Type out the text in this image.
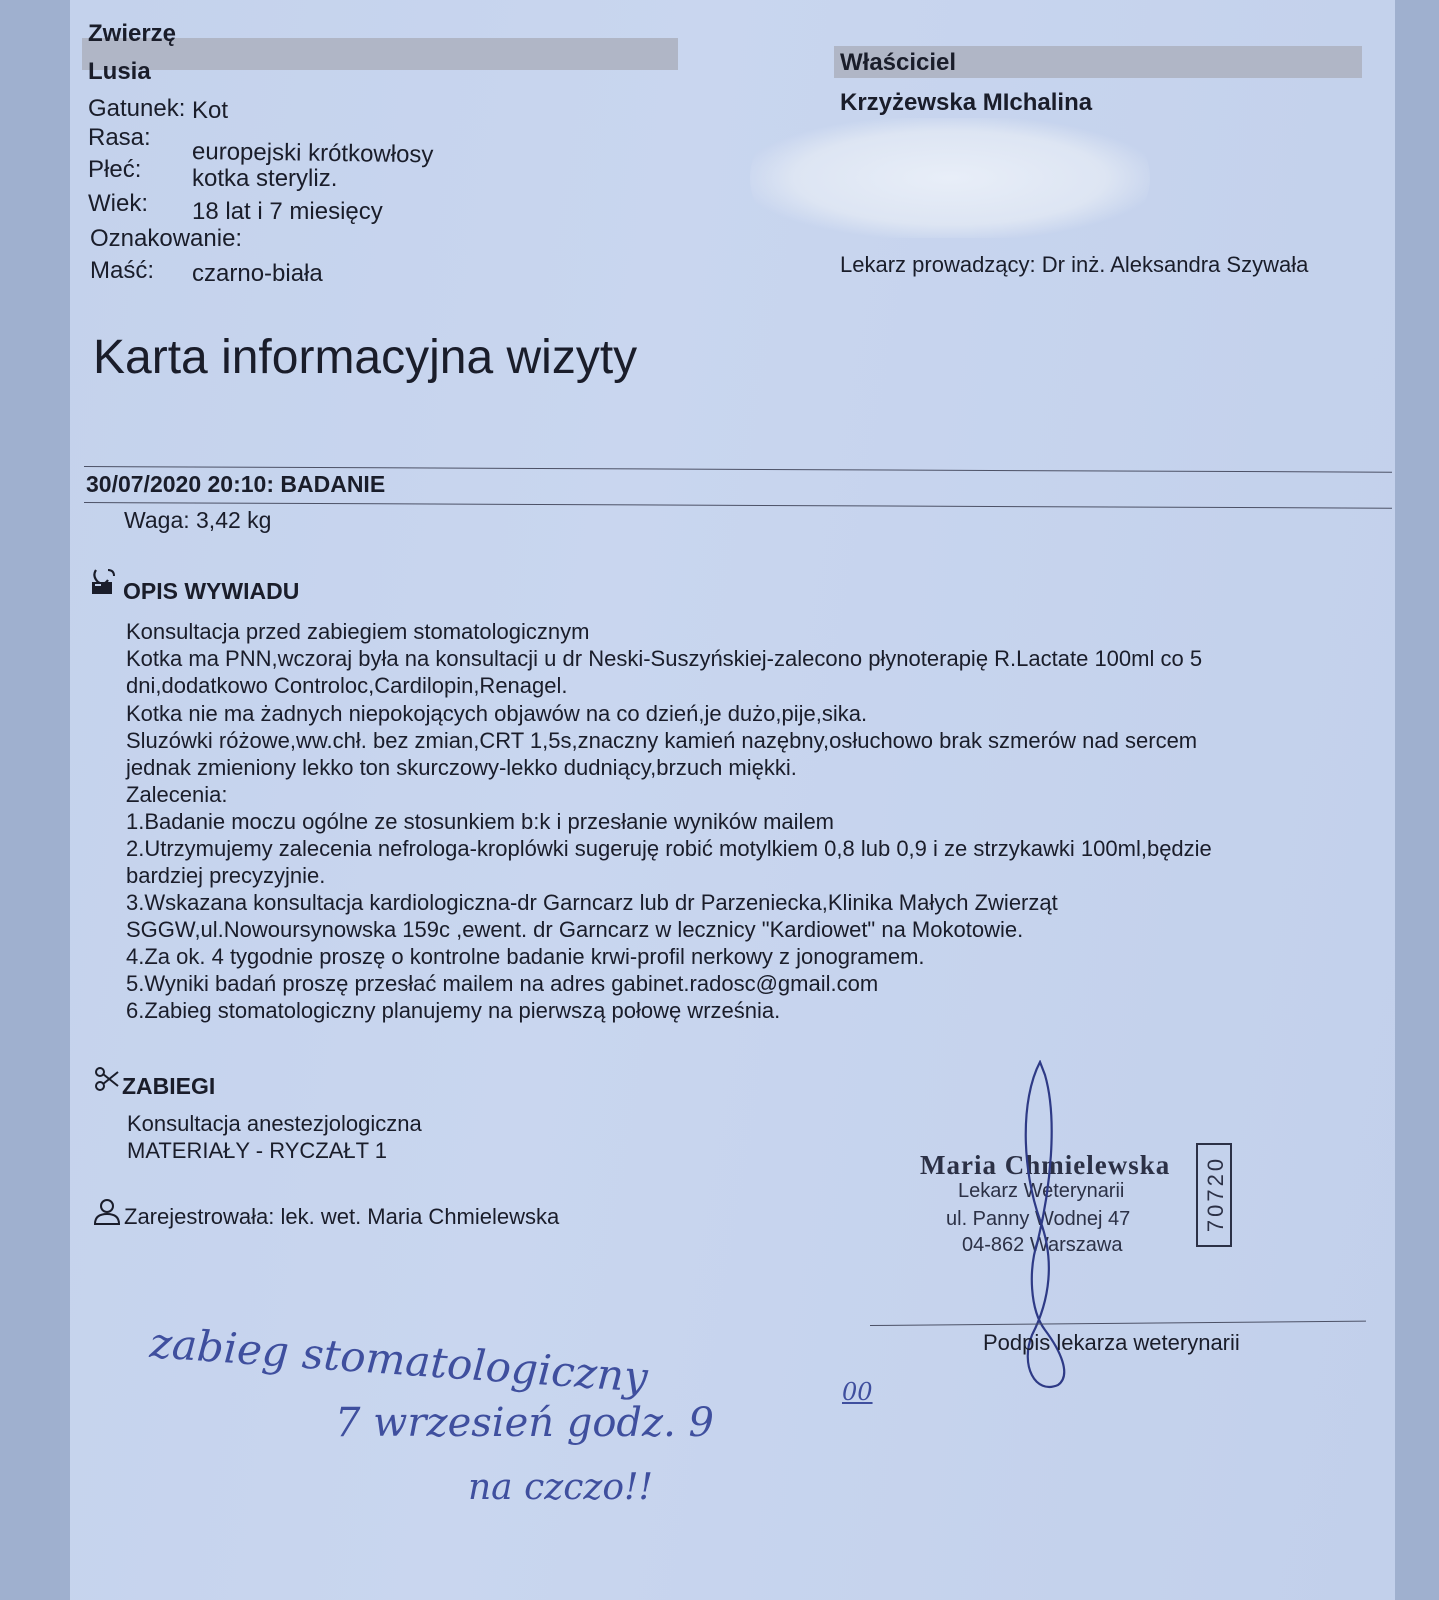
Zwierzę
Lusia
Gatunek: Kot
Rasa:
europejski krótkowłosy
Płeć: kotka steryliz.
Wiek: 18 lat i 7 miesięcy
Oznakowanie:
Maść: czarno-biała
Właściciel
Krzyżewska MIchalina
Lekarz prowadzący: Dr inż. Aleksandra Szywała
Karta informacyjna wizyty
30/07/2020 20:10: BADANIE
Waga: 3,42 kg
OPIS WYWIADU
Konsultacja przed zabiegiem stomatologicznym
Kotka ma PNN,wczoraj była na konsultacji u dr Neski-Suszyńskiej-zalecono płynoterapię R.Lactate 100ml co 5
dni,dodatkowo Controloc,Cardilopin,Renagel.
Kotka nie ma żadnych niepokojących objawów na co dzień,je dużo,pije,sika.
Sluzówki różowe,ww.chł. bez zmian,CRT 1,5s,znaczny kamień nazębny,osłuchowo brak szmerów nad sercem
jednak zmieniony lekko ton skurczowy-lekko dudniący,brzuch miękki.
Zalecenia:
1.Badanie moczu ogólne ze stosunkiem b:k i przesłanie wyników mailem
2.Utrzymujemy zalecenia nefrologa-kroplówki sugeruję robić motylkiem 0,8 lub 0,9 i ze strzykawki 100ml,będzie
bardziej precyzyjnie.
3.Wskazana konsultacja kardiologiczna-dr Garncarz lub dr Parzeniecka,Klinika Małych Zwierząt
SGGW,ul.Nowoursynowska 159c ,ewent. dr Garncarz w lecznicy "Kardiowet" na Mokotowie.
4.Za ok. 4 tygodnie proszę o kontrolne badanie krwi-profil nerkowy z jonogramem.
5.Wyniki badań proszę przesłać mailem na adres gabinet.radosc@gmail.com
6.Zabieg stomatologiczny planujemy na pierwszą połowę września.
ZABIEGI
Konsultacja anestezjologiczna
MATERIAŁY - RYCZAŁT 1
Zarejestrowała: lek. wet. Maria Chmielewska
Maria Chmielewska
Lekarz Weterynarii
ul. Panny Wodnej 47
04-862 Warszawa
70720
Podpis lekarza weterynarii
zabieg stomatologiczny
7 wrzesień godz. 9
00
na czczo!!
